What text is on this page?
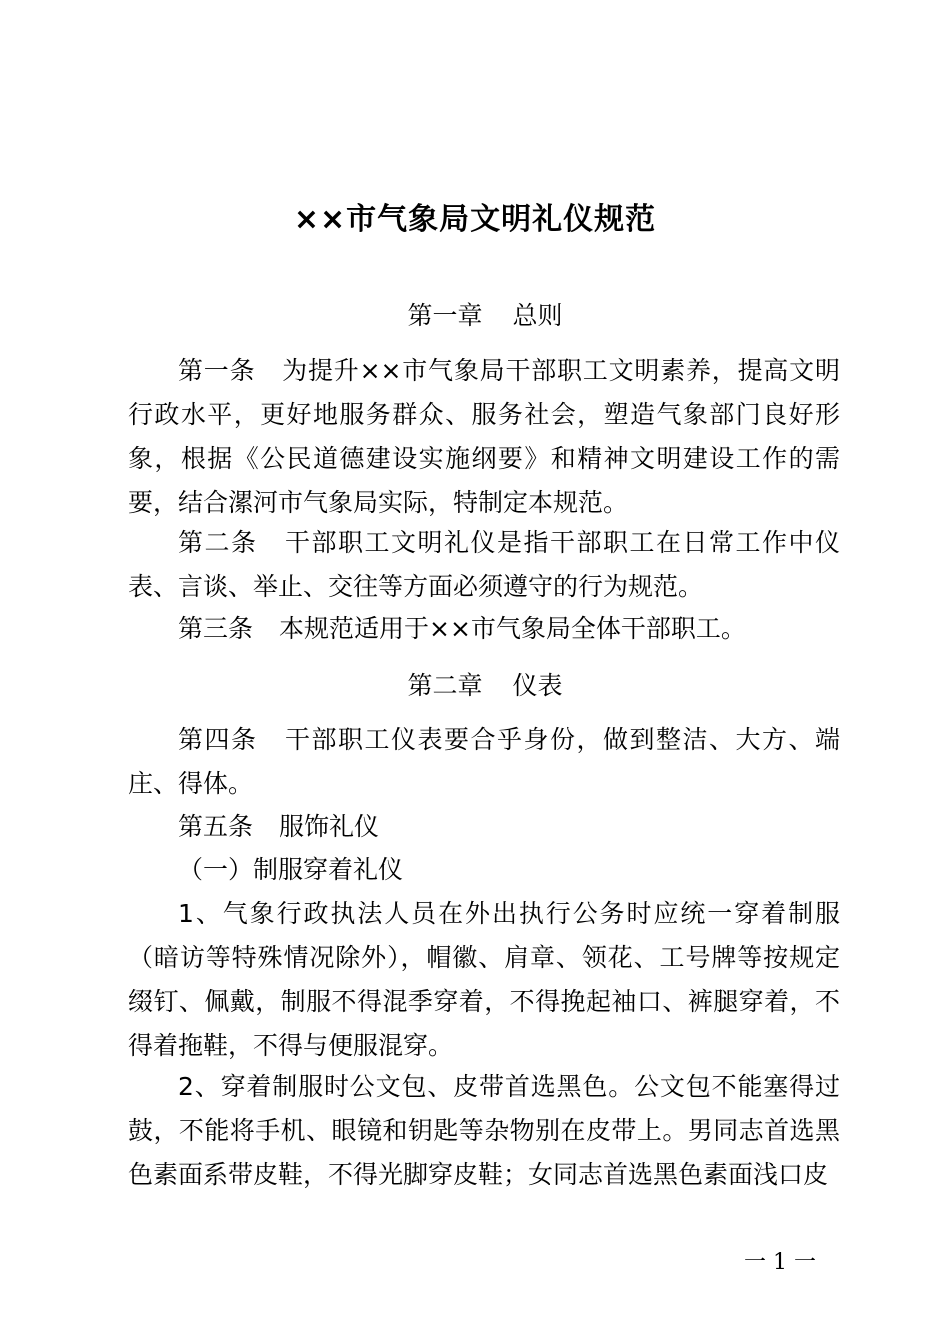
××市气象局文明礼仪规范
第一章 总则
第一条 为提升××市气象局干部职工文明素养，提高文明行政水平，更好地服务群众、服务社会，塑造气象部门良好形象，根据《公民道德建设实施纲要》和精神文明建设工作的需要，结合漯河市气象局实际，特制定本规范。
第二条 干部职工文明礼仪是指干部职工在日常工作中仪表、言谈、举止、交往等方面必须遵守的行为规范。
第三条 本规范适用于××市气象局全体干部职工。
第二章 仪表
第四条 干部职工仪表要合乎身份，做到整洁、大方、端庄、得体。
第五条 服饰礼仪
（一）制服穿着礼仪
1、气象行政执法人员在外出执行公务时应统一穿着制服（暗访等特殊情况除外），帽徽、肩章、领花、工号牌等按规定缀钉、佩戴，制服不得混季穿着，不得挽起袖口、裤腿穿着，不得着拖鞋，不得与便服混穿。
2、穿着制服时公文包、皮带首选黑色。公文包不能塞得过鼓，不能将手机、眼镜和钥匙等杂物别在皮带上。男同志首选黑色素面系带皮鞋，不得光脚穿皮鞋；女同志首选黑色素面浅口皮
一 1 一
